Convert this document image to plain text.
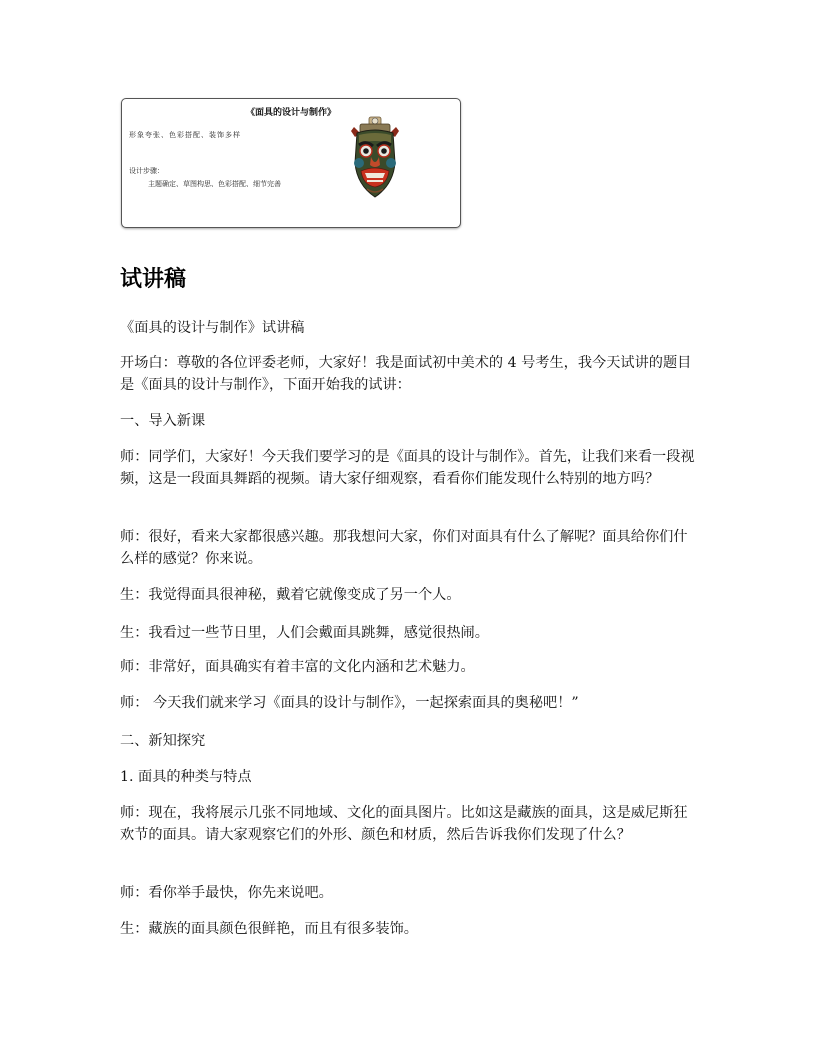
《面具的设计与制作》
形象夸张、色彩搭配、装饰多样
设计步骤：
主题确定、草图构思、色彩搭配、细节完善
试讲稿

《面具的设计与制作》试讲稿

开场白：尊敬的各位评委老师，大家好！我是面试初中美术的 4 号考生，我今天试讲的题目是《面具的设计与制作》，下面开始我的试讲：

一、导入新课

师：同学们，大家好！今天我们要学习的是《面具的设计与制作》。首先，让我们来看一段视频，这是一段面具舞蹈的视频。请大家仔细观察，看看你们能发现什么特别的地方吗？

师：很好，看来大家都很感兴趣。那我想问大家，你们对面具有什么了解呢？面具给你们什么样的感觉？你来说。

生：我觉得面具很神秘，戴着它就像变成了另一个人。

生：我看过一些节日里，人们会戴面具跳舞，感觉很热闹。

师：非常好，面具确实有着丰富的文化内涵和艺术魅力。

师： 今天我们就来学习《面具的设计与制作》，一起探索面具的奥秘吧！”

二、新知探究

1. 面具的种类与特点

师：现在，我将展示几张不同地域、文化的面具图片。比如这是藏族的面具，这是威尼斯狂欢节的面具。请大家观察它们的外形、颜色和材质，然后告诉我你们发现了什么？

师：看你举手最快，你先来说吧。

生：藏族的面具颜色很鲜艳，而且有很多装饰。
